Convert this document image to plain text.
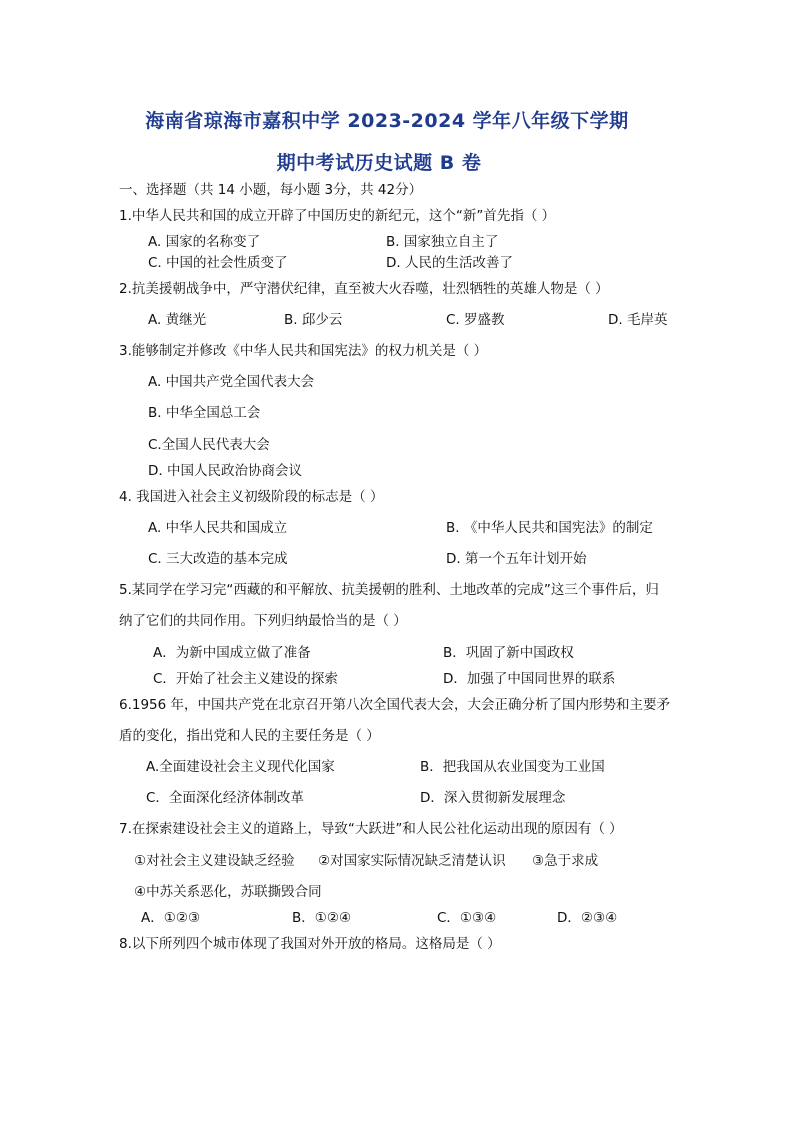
海南省琼海市嘉积中学 2023-2024 学年八年级下学期
期中考试历史试题 B 卷
一、选择题（共 14 小题，每小题 3分，共 42分）
1.中华人民共和国的成立开辟了中国历史的新纪元，这个“新”首先指（ ）
A. 国家的名称变了	B. 国家独立自主了
C. 中国的社会性质变了	D. 人民的生活改善了
2.抗美援朝战争中，严守潜伏纪律，直至被大火吞噬，壮烈牺牲的英雄人物是（ ）
A. 黄继光	B. 邱少云	C. 罗盛教	D. 毛岸英
3.能够制定并修改《中华人民共和国宪法》的权力机关是（ ）
A. 中国共产党全国代表大会
B. 中华全国总工会
C.全国人民代表大会
D. 中国人民政治协商会议
4. 我国进入社会主义初级阶段的标志是（ ）
A. 中华人民共和国成立	B. 《中华人民共和国宪法》的制定
C. 三大改造的基本完成	D. 第一个五年计划开始
5.某同学在学习完“西藏的和平解放、抗美援朝的胜利、土地改革的完成”这三个事件后，归
纳了它们的共同作用。下列归纳最恰当的是（ ）
A．为新中国成立做了准备	B．巩固了新中国政权
C．开始了社会主义建设的探索	D．加强了中国同世界的联系
6.1956 年，中国共产党在北京召开第八次全国代表大会，大会正确分析了国内形势和主要矛
盾的变化，指出党和人民的主要任务是（ ）
A.全面建设社会主义现代化国家	B．把我国从农业国变为工业国
C．全面深化经济体制改革	D．深入贯彻新发展理念
7.在探索建设社会主义的道路上，导致“大跃进”和人民公社化运动出现的原因有（ ）
①对社会主义建设缺乏经验 ②对国家实际情况缺乏清楚认识 ③急于求成
④中苏关系恶化，苏联撕毁合同
A．①②③	B．①②④	C．①③④	D．②③④
8.以下所列四个城市体现了我国对外开放的格局。这格局是（ ）
